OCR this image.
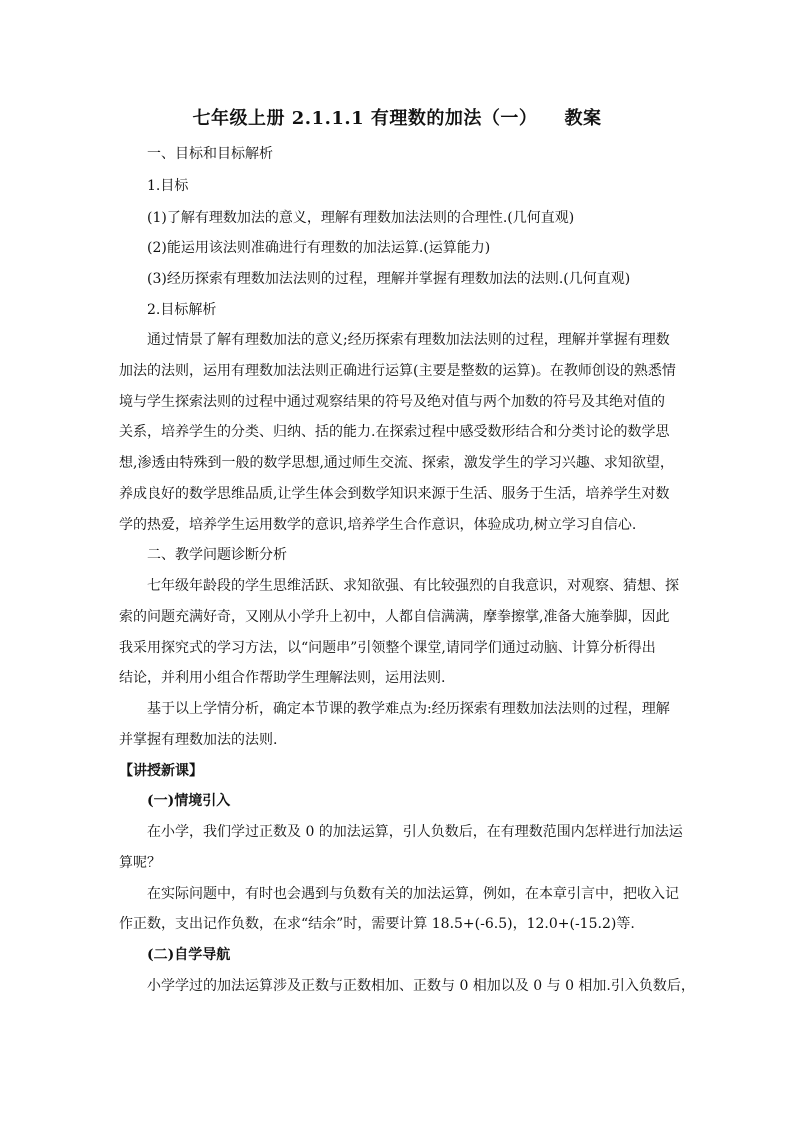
七年级上册 2.1.1.1 有理数的加法（一）    教案
一、目标和目标解析
1.目标
(1)了解有理数加法的意义，理解有理数加法法则的合理性.(几何直观)
(2)能运用该法则准确进行有理数的加法运算.(运算能力)
(3)经历探索有理数加法法则的过程，理解并掌握有理数加法的法则.(几何直观)
2.目标解析
通过情景了解有理数加法的意义;经历探索有理数加法法则的过程，理解并掌握有理数
加法的法则，运用有理数加法法则正确进行运算(主要是整数的运算)。在教师创设的熟悉情
境与学生探索法则的过程中通过观察结果的符号及绝对值与两个加数的符号及其绝对值的
关系，培养学生的分类、归纳、括的能力.在探索过程中感受数形结合和分类讨论的数学思
想,渗透由特殊到一般的数学思想,通过师生交流、探索，激发学生的学习兴趣、求知欲望，
养成良好的数学思维品质,让学生体会到数学知识来源于生活、服务于生活，培养学生对数
学的热爱，培养学生运用数学的意识,培养学生合作意识，体验成功,树立学习自信心.
二、教学问题诊断分析
七年级年龄段的学生思维活跃、求知欲强、有比较强烈的自我意识，对观察、猜想、探
索的问题充满好奇，又刚从小学升上初中，人都自信满满，摩拳擦掌,准备大施拳脚，因此
我采用探究式的学习方法，以“问题串”引领整个课堂,请同学们通过动脑、计算分析得出
结论，并利用小组合作帮助学生理解法则，运用法则.
基于以上学情分析，确定本节课的教学难点为:经历探索有理数加法法则的过程，理解
并掌握有理数加法的法则.
【讲授新课】
(一)情境引入
在小学，我们学过正数及 0 的加法运算，引人负数后，在有理数范围内怎样进行加法运
算呢？
在实际问题中，有时也会遇到与负数有关的加法运算，例如，在本章引言中，把收入记
作正数，支出记作负数，在求“结余”时，需要计算 18.5+(-6.5)，12.0+(-15.2)等.
(二)自学导航
小学学过的加法运算涉及正数与正数相加、正数与 0 相加以及 0 与 0 相加.引入负数后，
